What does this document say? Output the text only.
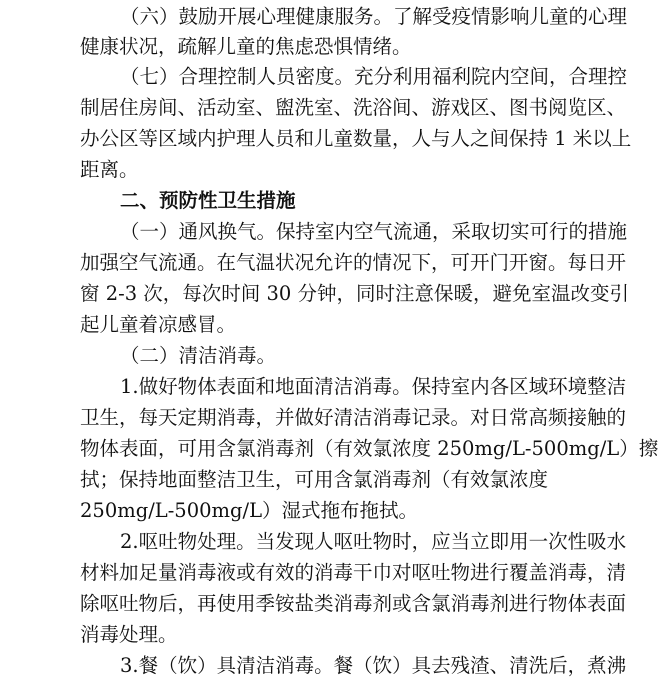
（六）鼓励开展心理健康服务。了解受疫情影响儿童的心理
健康状况，疏解儿童的焦虑恐惧情绪。
（七）合理控制人员密度。充分利用福利院内空间，合理控
制居住房间、活动室、盥洗室、洗浴间、游戏区、图书阅览区、
办公区等区域内护理人员和儿童数量，人与人之间保持 1 米以上
距离。
二、预防性卫生措施
（一）通风换气。保持室内空气流通，采取切实可行的措施
加强空气流通。在气温状况允许的情况下，可开门开窗。每日开
窗 2-3 次，每次时间 30 分钟，同时注意保暖，避免室温改变引
起儿童着凉感冒。
（二）清洁消毒。
1.做好物体表面和地面清洁消毒。保持室内各区域环境整洁
卫生，每天定期消毒，并做好清洁消毒记录。对日常高频接触的
物体表面，可用含氯消毒剂（有效氯浓度 250mg/L-500mg/L）擦
拭；保持地面整洁卫生，可用含氯消毒剂（有效氯浓度
250mg/L-500mg/L）湿式拖布拖拭。
2.呕吐物处理。当发现人呕吐物时，应当立即用一次性吸水
材料加足量消毒液或有效的消毒干巾对呕吐物进行覆盖消毒，清
除呕吐物后，再使用季铵盐类消毒剂或含氯消毒剂进行物体表面
消毒处理。
3.餐（饮）具清洁消毒。餐（饮）具去残渣、清洗后，煮沸
